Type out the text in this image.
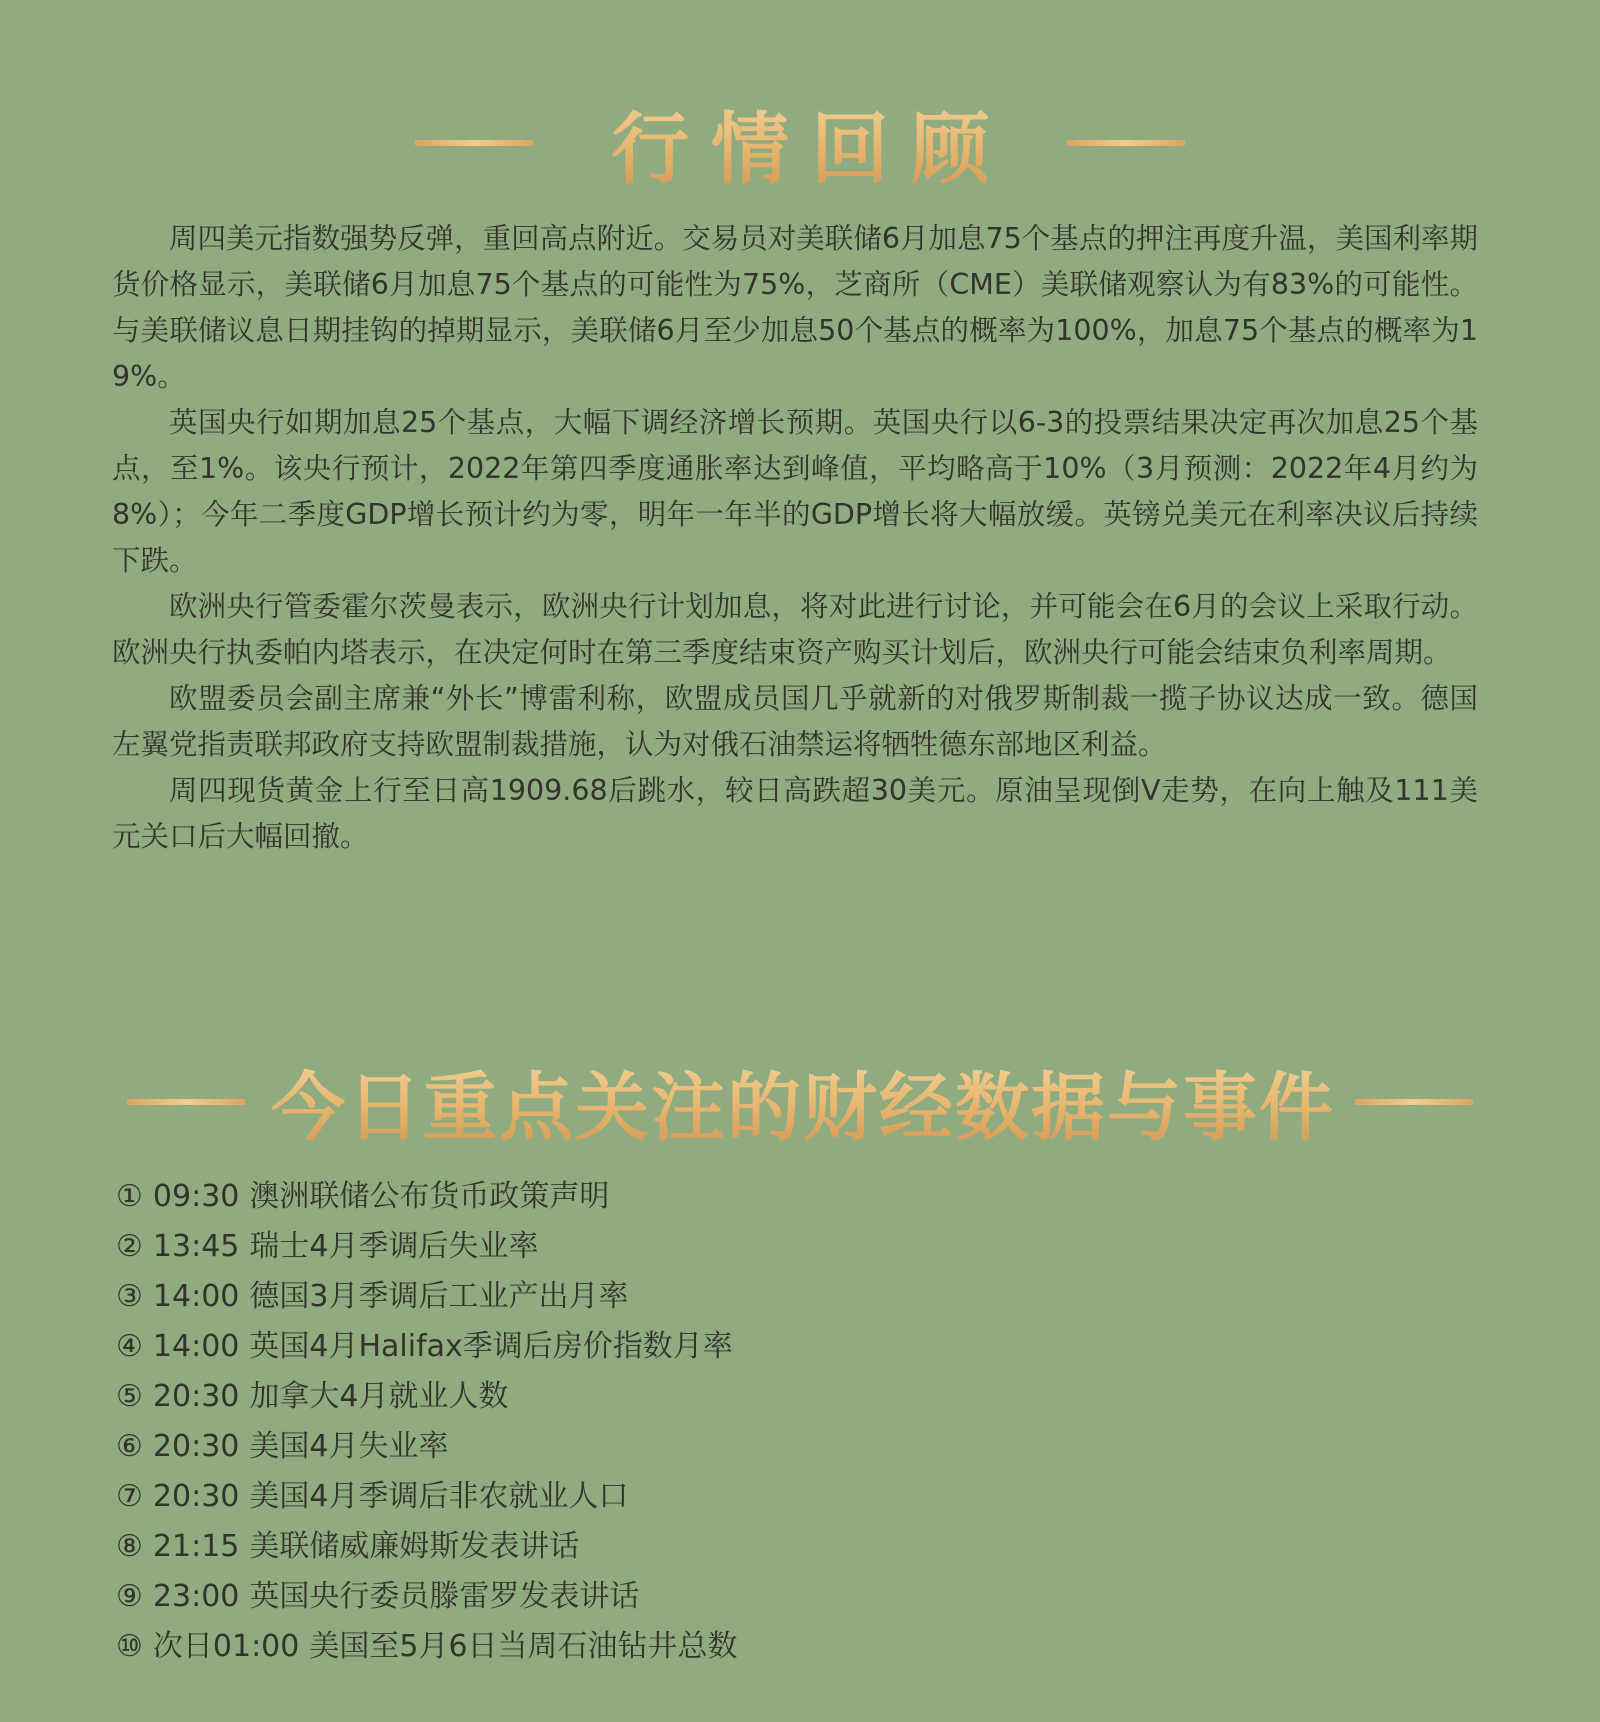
行情回顾

周四美元指数强势反弹，重回高点附近。交易员对美联储6月加息75个基点的押注再度升温，美国利率期货价格显示，美联储6月加息75个基点的可能性为75%，芝商所（CME）美联储观察认为有83%的可能性。与美联储议息日期挂钩的掉期显示，美联储6月至少加息50个基点的概率为100%，加息75个基点的概率为19%。

英国央行如期加息25个基点，大幅下调经济增长预期。英国央行以6-3的投票结果决定再次加息25个基点，至1%。该央行预计，2022年第四季度通胀率达到峰值，平均略高于10%（3月预测：2022年4月约为8%）；今年二季度GDP增长预计约为零，明年一年半的GDP增长将大幅放缓。英镑兑美元在利率决议后持续下跌。

欧洲央行管委霍尔茨曼表示，欧洲央行计划加息，将对此进行讨论，并可能会在6月的会议上采取行动。欧洲央行执委帕内塔表示，在决定何时在第三季度结束资产购买计划后，欧洲央行可能会结束负利率周期。

欧盟委员会副主席兼“外长”博雷利称，欧盟成员国几乎就新的对俄罗斯制裁一揽子协议达成一致。德国左翼党指责联邦政府支持欧盟制裁措施，认为对俄石油禁运将牺牲德东部地区利益。

周四现货黄金上行至日高1909.68后跳水，较日高跌超30美元。原油呈现倒V走势，在向上触及111美元关口后大幅回撤。

今日重点关注的财经数据与事件
① 09:30 澳洲联储公布货币政策声明
② 13:45 瑞士4月季调后失业率
③ 14:00 德国3月季调后工业产出月率
④ 14:00 英国4月Halifax季调后房价指数月率
⑤ 20:30 加拿大4月就业人数
⑥ 20:30 美国4月失业率
⑦ 20:30 美国4月季调后非农就业人口
⑧ 21:15 美联储威廉姆斯发表讲话
⑨ 23:00 英国央行委员滕雷罗发表讲话
⑩ 次日01:00 美国至5月6日当周石油钻井总数
